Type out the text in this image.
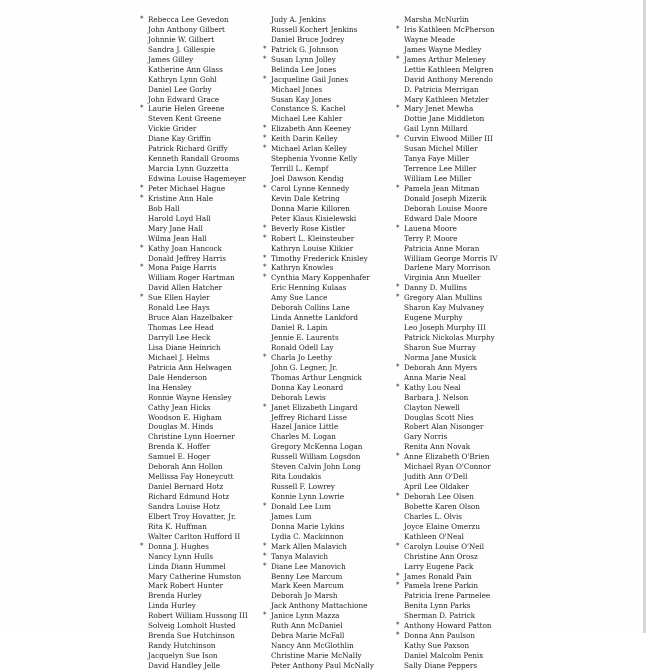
* Rebecca Lee Gevedon
John Anthony Gilbert
Johnnie W. Gilbert
Sandra J. Gillespie
James Gilley
Katherine Ann Glass
Kathryn Lynn Gohl
Daniel Lee Gorby
John Edward Grace
* Laurie Helen Greene
Steven Kent Greene
Vickie Grider
Diane Kay Griffin
Patrick Richard Griffy
Kenneth Randall Grooms
Marcia Lynn Guzzetta
Edwina Louise Hagemeyer
* Peter Michael Hague
* Kristine Ann Hale
Bob Hall
Harold Loyd Hall
Mary Jane Hall
Wilma Jean Hall
* Kathy Joan Hancock
Donald Jeffrey Harris
* Mona Paige Harris
William Roger Hartman
David Allen Hatcher
* Sue Ellen Hayler
Ronald Lee Hays
Bruce Alan Hazelbaker
Thomas Lee Head
Darryll Lee Heck
Lisa Diane Heinrich
Michael J. Helms
Patricia Ann Helwagen
Dale Henderson
Ina Hensley
Ronnie Wayne Hensley
Cathy Jean Hicks
Woodson E. Higham
Douglas M. Hinds
Christine Lynn Hoerner
Brenda K. Hoffer
Samuel E. Hoger
Deborah Ann Hollon
Mellissa Fay Honeycutt
Daniel Bernard Hotz
Richard Edmund Hotz
Sandra Louise Hotz
Elbert Troy Hovatter, Jr.
Rita K. Huffman
Walter Carlton Hufford II
* Donna J. Hughes
Nancy Lynn Hulls
Linda Diann Hummel
Mary Catherine Humston
Mark Robert Hunter
Brenda Hurley
Linda Hurley
Robert William Hussong III
Solveig Lomholt Husted
Brenda Sue Hutchinson
Randy Hutchinson
Jacquelyn Sue Ison
David Handley Jelle
Judy A. Jenkins
Russell Kochert Jenkins
Daniel Bruce Jodrey
* Patrick G. Johnson
* Susan Lynn Jolley
Belinda Lee Jones
* Jacqueline Gail Jones
Michael Jones
Susan Kay Jones
Constance S. Kachel
Michael Lee Kahler
* Elizabeth Ann Keeney
* Keith Darin Kelley
* Michael Arlan Kelley
Stephenia Yvonne Kelly
Terrill L. Kempf
Joel Dawson Kendig
* Carol Lynne Kennedy
Kevin Dale Ketring
Donna Marie Killoren
Peter Klaus Kisielewski
* Beverly Rose Kistler
* Robert L. Kleinsteuber
Kathryn Louise Klikier
* Timothy Frederick Knisley
* Kathryn Knowles
* Cynthia Mary Koppenhafer
Eric Henning Kulaas
Amy Sue Lance
Deborah Collins Lane
Linda Annette Lankford
Daniel R. Lapin
Jennie E. Laurents
Ronald Odell Lay
* Charla Jo Leethy
John G. Legner, Jr.
Thomas Arthur Lengnick
Donna Kay Leonard
Deborah Lewis
* Janet Elizabeth Lingard
Jeffrey Richard Lisse
Hazel Janice Little
Charles M. Logan
Gregory McKenna Logan
Russell William Logsdon
Steven Calvin John Long
Rita Loudakis
Russell F. Lowrey
Konnie Lynn Lowrie
* Donald Lee Lum
James Lum
Donna Marie Lykins
Lydia C. Mackinnon
* Mark Allen Malavich
* Tanya Malavich
* Diane Lee Manovich
Benny Lee Marcum
Mark Keen Marcum
Deborah Jo Marsh
Jack Anthony Mattachione
* Janice Lynn Mazza
Ruth Ann McDaniel
Debra Marie McFall
Nancy Ann McGlothlin
Christine Marie McNally
Peter Anthony Paul McNally
Marsha McNurlin
* Iris Kathleen McPherson
Wayne Meade
James Wayne Medley
* James Arthur Meleney
Lettie Kathleen Melgren
David Anthony Merendo
D. Patricia Merrigan
Mary Kathleen Metzler
* Mary Jenet Mewha
Dottie Jane Middleton
Gail Lynn Millard
* Curvin Elwood Miller III
Susan Michel Miller
Tanya Faye Miller
Terrence Lee Miller
William Lee Miller
* Pamela Jean Mitman
Donald Joseph Mizerik
Deborah Louise Moore
Edward Dale Moore
* Lauena Moore
Terry P. Moore
Patricia Anne Moran
William George Morris IV
Darlene Mary Morrison
Virginia Ann Mueller
* Danny D. Mullins
* Gregory Alan Mullins
Sharon Kay Mulvaney
Eugene Murphy
Leo Joseph Murphy III
Patrick Nickolas Murphy
Sharon Sue Murray
Norma Jane Musick
* Deborah Ann Myers
Anna Marie Neal
* Kathy Lou Neal
Barbara J. Nelson
Clayton Newell
Douglas Scott Nies
Robert Alan Nisonger
Gary Norris
Renita Ann Novak
* Anne Elizabeth O'Brien
Michael Ryan O'Connor
Judith Ann O'Dell
April Lee Oldaker
* Deborah Lee Olsen
Bobette Karen Olson
Charles L. Olvis
Joyce Elaine Omerzu
Kathleen O'Neal
* Carolyn Louise O'Neil
Christine Ann Orosz
Larry Eugene Pack
* James Ronald Pain
* Pamela Irene Parkin
Patricia Irene Parmelee
Benita Lynn Parks
Sherman D. Patrick
* Anthony Howard Patton
* Donna Ann Paulson
Kathy Sue Paxson
Daniel Malcolm Penix
Sally Diane Peppers
